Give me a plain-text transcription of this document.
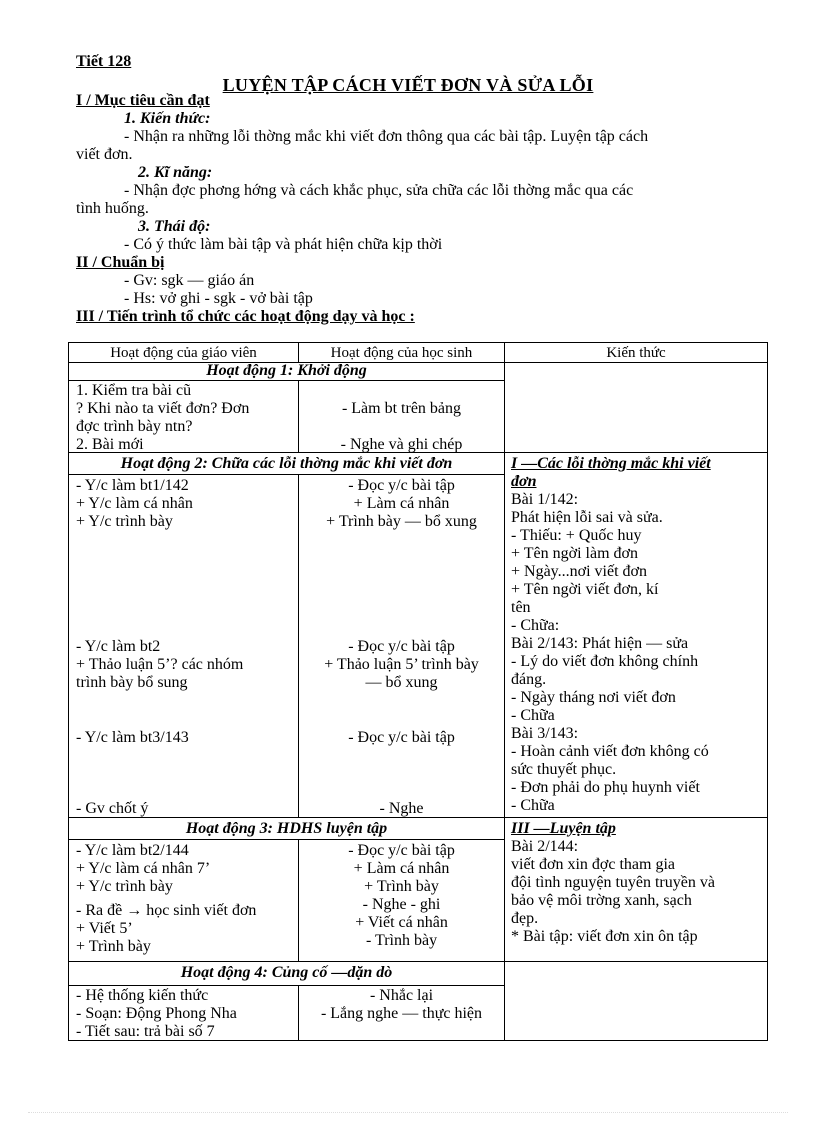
Tiết 128
LUYỆN TẬP CÁCH VIẾT ĐƠN VÀ SỬA LỖI
I / Mục tiêu cần đạt
1. Kiến thức:
- Nhận ra những lỗi thờng mắc khi viết đơn thông qua các bài tập. Luyện tập cách
viết đơn.
2. Kĩ năng:
- Nhận đợc phơng hớng và cách khắc phục, sửa chữa các lỗi thờng mắc qua các
tình huống.
3. Thái độ:
- Có ý thức làm bài tập và phát hiện chữa kịp thời
II / Chuẩn bị
- Gv: sgk — giáo án
- Hs: vở ghi - sgk - vở bài tập
III / Tiến trình tổ chức các hoạt động dạy và học :
Hoạt động của giáo viên	Hoạt động của học sinh	Kiến thức
Hoạt động 1: Khởi động
1. Kiểm tra bài cũ
? Khi nào ta viết đơn? Đơn
đợc trình bày ntn?
2. Bài mới
- Làm bt trên bảng
- Nghe và ghi chép
Hoạt động 2: Chữa các lỗi thờng mắc khi viết đơn
- Y/c làm bt1/142
+ Y/c làm cá nhân
+ Y/c trình bày
- Y/c làm bt2
+ Thảo luận 5’? các nhóm
trình bày bổ sung
- Y/c làm bt3/143
- Gv chốt ý
- Đọc y/c bài tập
+ Làm cá nhân
+ Trình bày — bổ xung
- Đọc y/c bài tập
+ Thảo luận 5’ trình bày
— bổ xung
- Đọc y/c bài tập
- Nghe
I —Các lỗi thờng mắc khi viết
đơn
Bài 1/142:
Phát hiện lỗi sai và sửa.
- Thiếu: + Quốc huy
+ Tên ngời làm đơn
+ Ngày...nơi viết đơn
+ Tên ngời viết đơn, kí
tên
- Chữa:
Bài 2/143: Phát hiện — sửa
- Lý do viết đơn không chính
đáng.
- Ngày tháng nơi viết đơn
- Chữa
Bài 3/143:
- Hoàn cảnh viết đơn không có
sức thuyết phục.
- Đơn phải do phụ huynh viết
- Chữa
Hoạt động 3: HDHS luyện tập
- Y/c làm bt2/144
+ Y/c làm cá nhân 7’
+ Y/c trình bày
- Ra đề → học sinh viết đơn
+ Viết 5’
+ Trình bày
- Đọc y/c bài tập
+ Làm cá nhân
+ Trình bày
- Nghe - ghi
+ Viết cá nhân
- Trình bày
III —Luyện tập
Bài 2/144:
viết đơn xin đợc tham gia
đội tình nguyện tuyên truyền và
bảo vệ môi trờng xanh, sạch
đẹp.
* Bài tập: viết đơn xin ôn tập
Hoạt động 4: Củng cố —dặn dò
- Hệ thống kiến thức
- Soạn: Động Phong Nha
- Tiết sau: trả bài số 7
- Nhắc lại
- Lắng nghe — thực hiện
